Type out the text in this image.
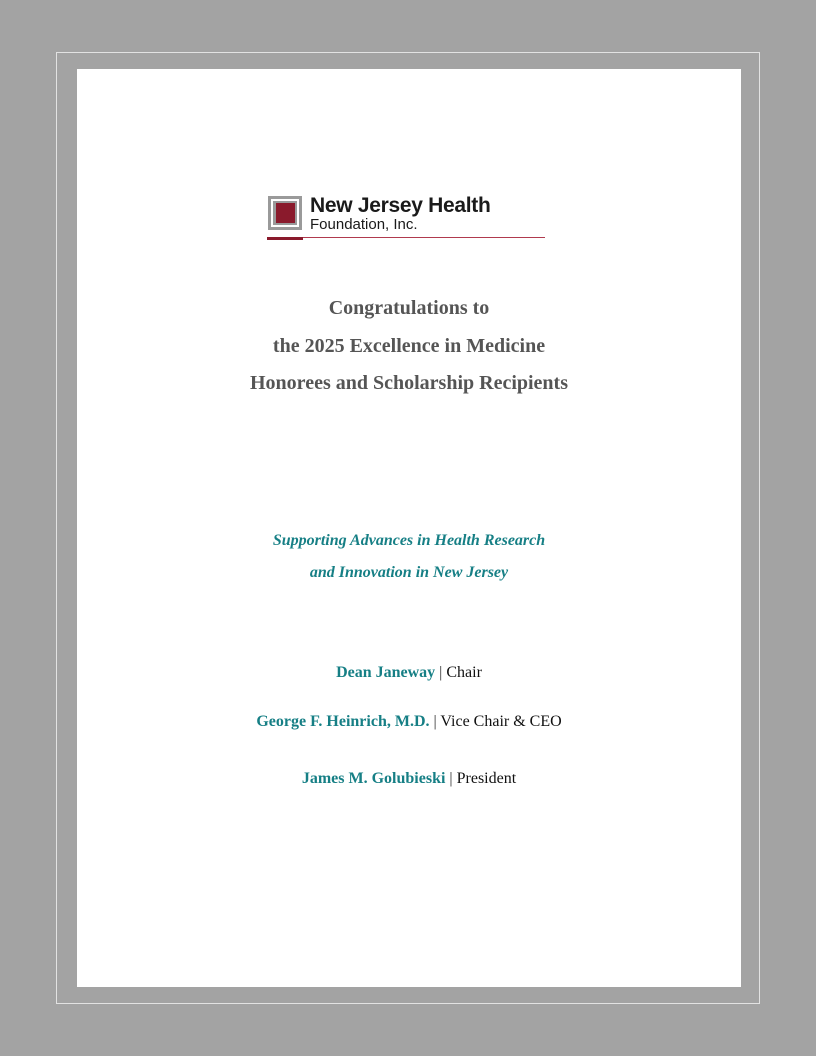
New Jersey Health
Foundation, Inc.
Congratulations to
the 2025 Excellence in Medicine
Honorees and Scholarship Recipients
Supporting Advances in Health Research
and Innovation in New Jersey
Dean Janeway | Chair
George F. Heinrich, M.D. | Vice Chair & CEO
James M. Golubieski | President
